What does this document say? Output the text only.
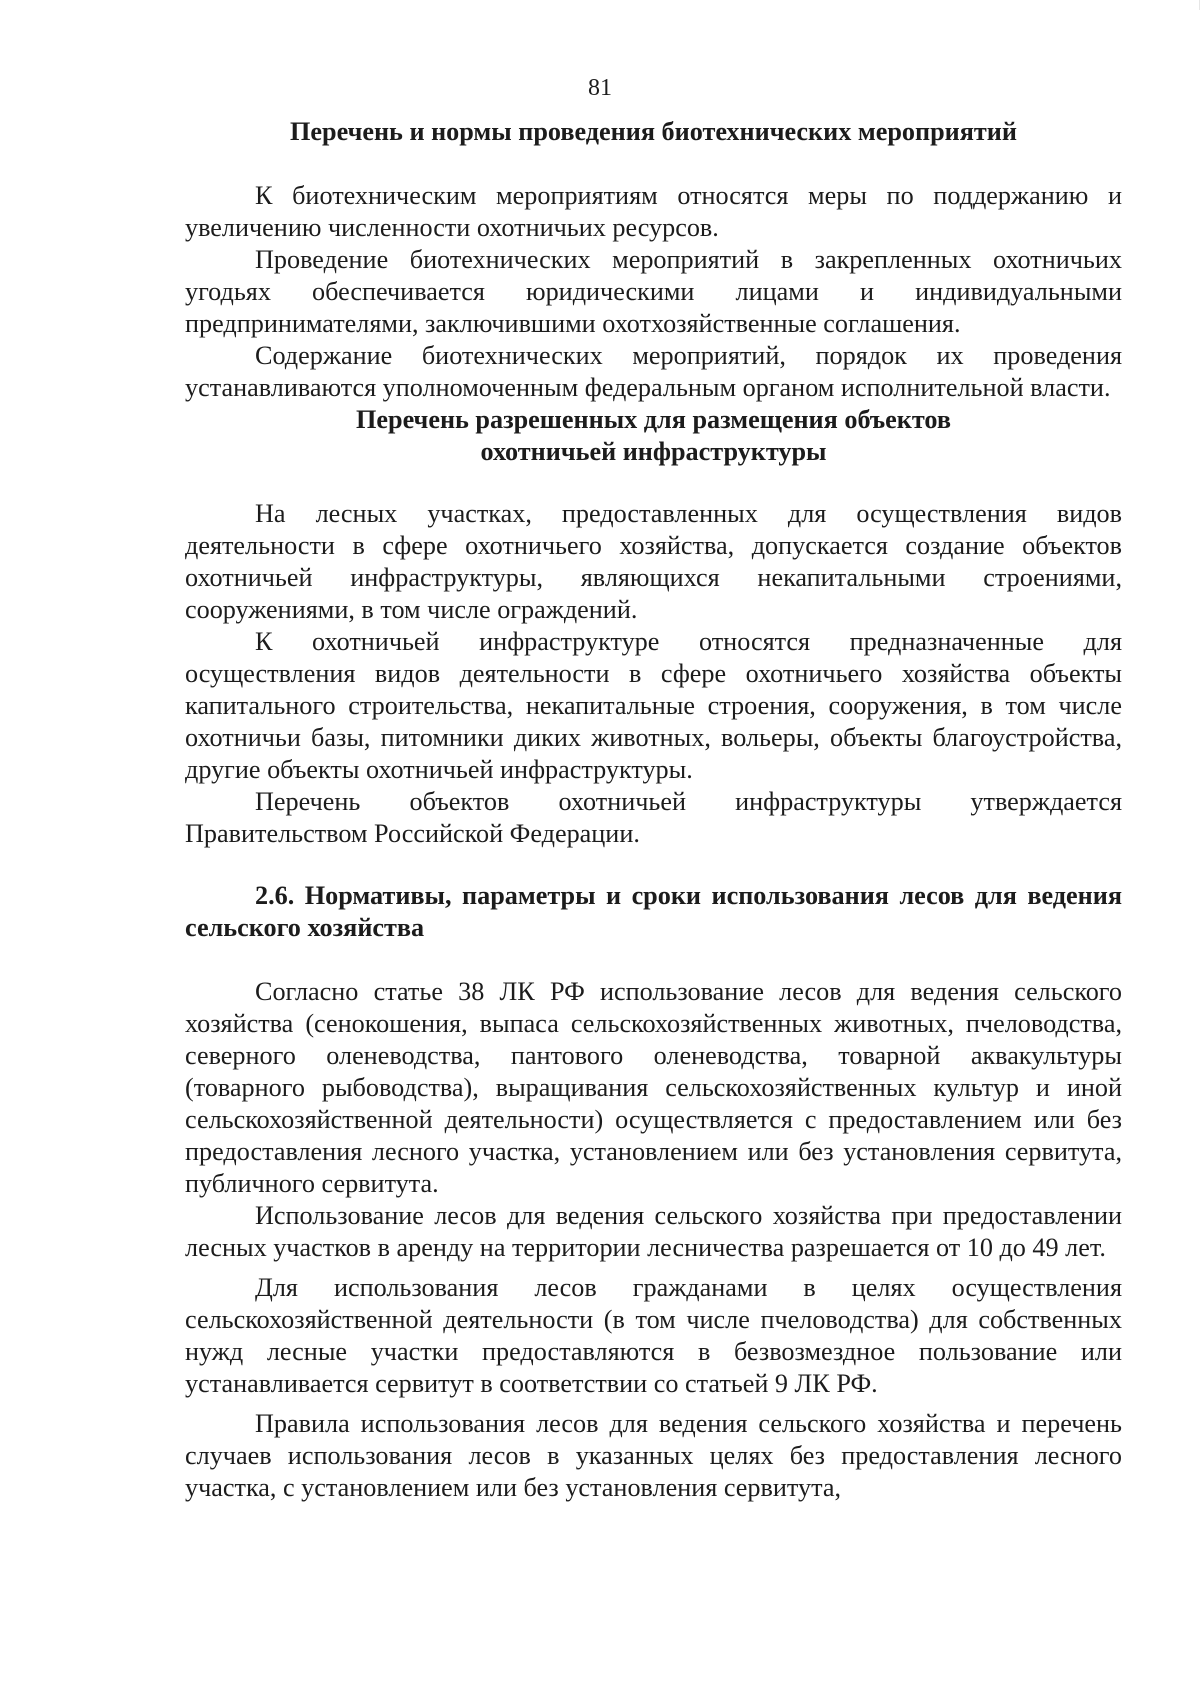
81
Перечень и нормы проведения биотехнических мероприятий

К биотехническим мероприятиям относятся меры по поддержанию и увеличению численности охотничьих ресурсов.

Проведение биотехнических мероприятий в закрепленных охотничьих угодьях обеспечивается юридическими лицами и индивидуальными предпринимателями, заключившими охотхозяйственные соглашения.

Содержание биотехнических мероприятий, порядок их проведения устанавливаются уполномоченным федеральным органом исполнительной власти.

Перечень разрешенных для размещения объектов
охотничьей инфраструктуры

На лесных участках, предоставленных для осуществления видов деятельности в сфере охотничьего хозяйства, допускается создание объектов охотничьей инфраструктуры, являющихся некапитальными строениями, сооружениями, в том числе ограждений.

К охотничьей инфраструктуре относятся предназначенные для осуществления видов деятельности в сфере охотничьего хозяйства объекты капитального строительства, некапитальные строения, сооружения, в том числе охотничьи базы, питомники диких животных, вольеры, объекты благоустройства, другие объекты охотничьей инфраструктуры.

Перечень объектов охотничьей инфраструктуры утверждается Правительством Российской Федерации.

2.6. Нормативы, параметры и сроки использования лесов для ведения сельского хозяйства

Согласно статье 38 ЛК РФ использование лесов для ведения сельского хозяйства (сенокошения, выпаса сельскохозяйственных животных, пчеловодства, северного оленеводства, пантового оленеводства, товарной аквакультуры (товарного рыбоводства), выращивания сельскохозяйственных культур и иной сельскохозяйственной деятельности) осуществляется с предоставлением или без предоставления лесного участка, установлением или без установления сервитута, публичного сервитута.

Использование лесов для ведения сельского хозяйства при предоставлении лесных участков в аренду на территории лесничества разрешается от 10 до 49 лет.

Для использования лесов гражданами в целях осуществления сельскохозяйственной деятельности (в том числе пчеловодства) для собственных нужд лесные участки предоставляются в безвозмездное пользование или устанавливается сервитут в соответствии со статьей 9 ЛК РФ.

Правила использования лесов для ведения сельского хозяйства и перечень случаев использования лесов в указанных целях без предоставления лесного участка, с установлением или без установления сервитута,
